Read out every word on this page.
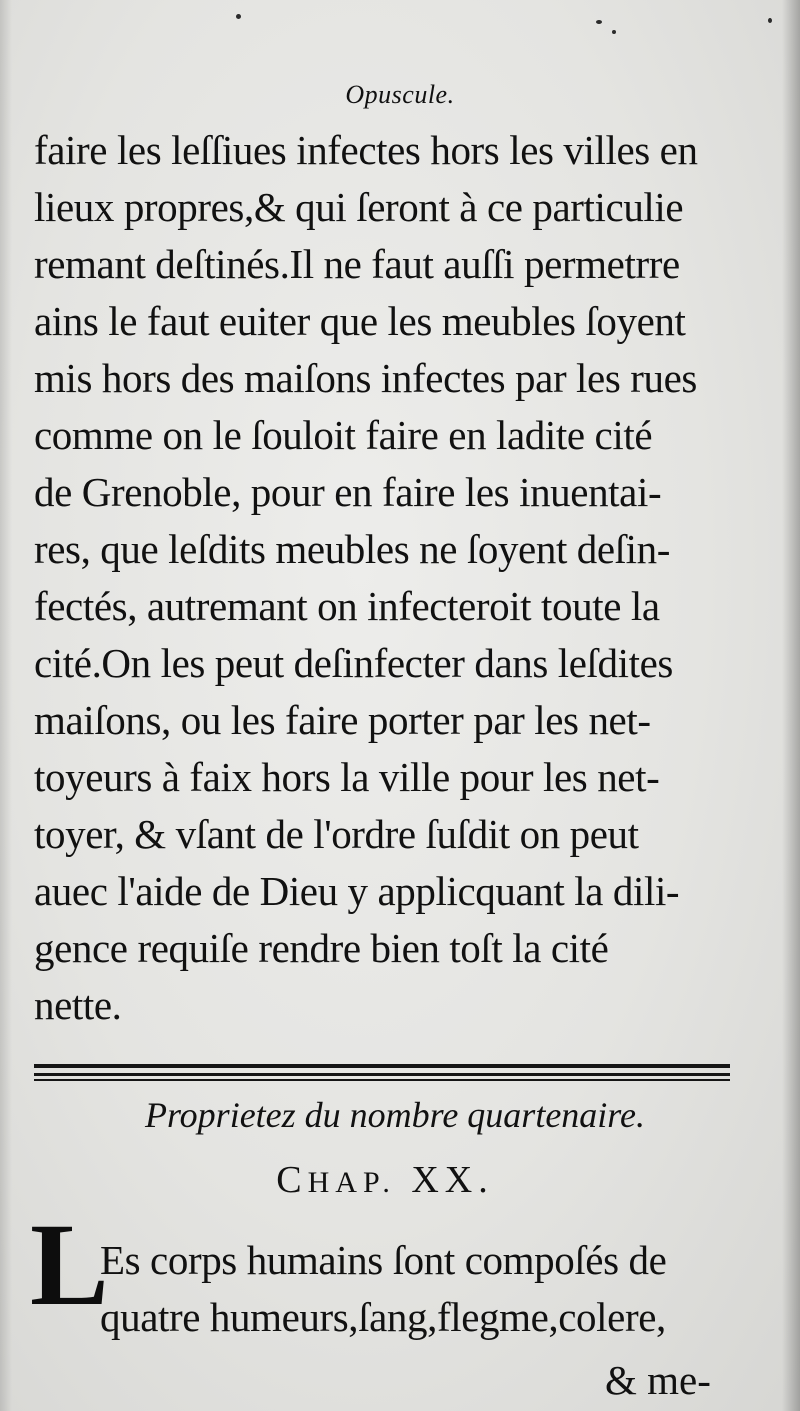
Opuscule.
faire les leſſiues infectes hors les villes en
lieux propres,& qui ſeront à ce particulie
remant deſtinés.Il ne faut auſſi permetrre
ains le faut euiter que les meubles ſoyent
mis hors des maiſons infectes par les rues
comme on le ſouloit faire en ladite cité
de Grenoble, pour en faire les inuentai-
res, que leſdits meubles ne ſoyent deſin-
fectés, autremant on infecteroit toute la
cité.On les peut deſinfecter dans leſdites
maiſons, ou les faire porter par les net-
toyeurs à faix hors la ville pour les net-
toyer, & vſant de l'ordre ſuſdit on peut
auec l'aide de Dieu y applicquant la dili-
gence requiſe rendre bien toſt la cité
nette.
Proprietez du nombre quartenaire.
CHAP. XX.
L
Es corps humains ſont compoſés de
quatre humeurs,ſang,flegme,colere,
& me-
